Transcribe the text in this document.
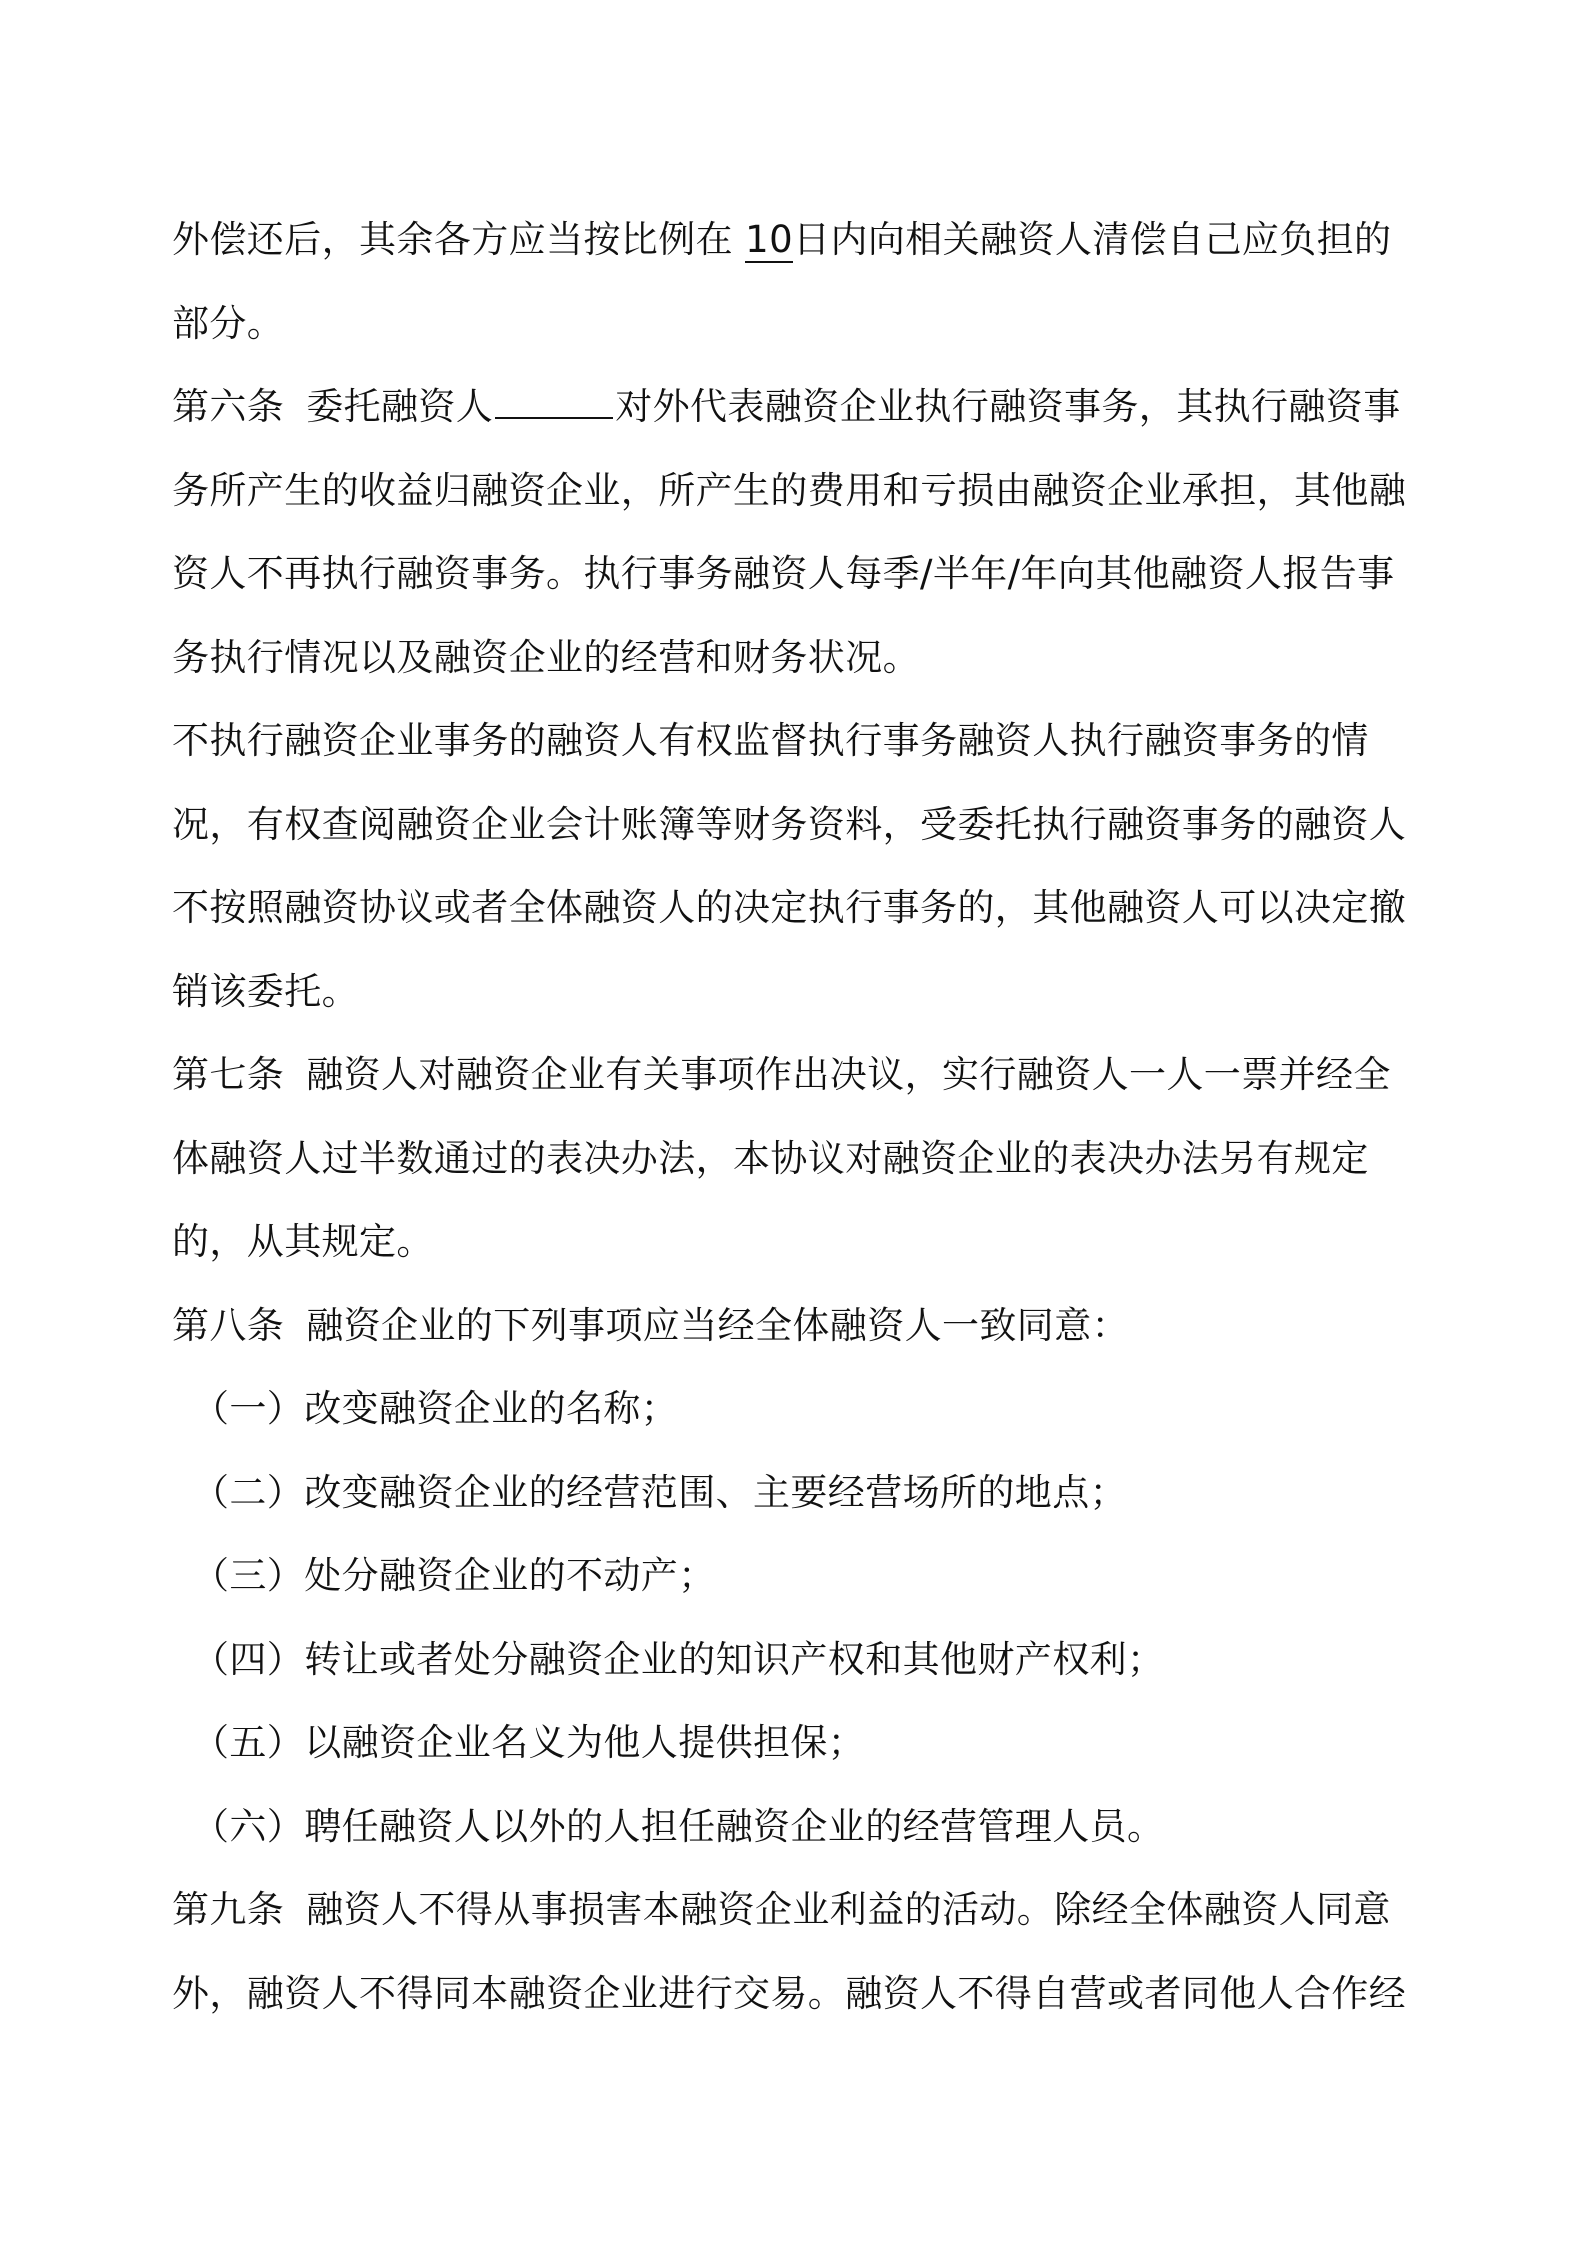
外偿还后，其余各方应当按比例在 10日内向相关融资人清偿自己应负担的
部分。
第六条 委托融资人	对外代表融资企业执行融资事务，其执行融资事
务所产生的收益归融资企业，所产生的费用和亏损由融资企业承担，其他融
资人不再执行融资事务。执行事务融资人每季/半年/年向其他融资人报告事
务执行情况以及融资企业的经营和财务状况。
不执行融资企业事务的融资人有权监督执行事务融资人执行融资事务的情
况，有权查阅融资企业会计账簿等财务资料，受委托执行融资事务的融资人
不按照融资协议或者全体融资人的决定执行事务的，其他融资人可以决定撤
销该委托。
第七条 融资人对融资企业有关事项作出决议，实行融资人一人一票并经全
体融资人过半数通过的表决办法，本协议对融资企业的表决办法另有规定
的，从其规定。
第八条 融资企业的下列事项应当经全体融资人一致同意：
（一）改变融资企业的名称；
（二）改变融资企业的经营范围、主要经营场所的地点；
（三）处分融资企业的不动产；
（四）转让或者处分融资企业的知识产权和其他财产权利；
（五）以融资企业名义为他人提供担保；
（六）聘任融资人以外的人担任融资企业的经营管理人员。
第九条 融资人不得从事损害本融资企业利益的活动。除经全体融资人同意
外，融资人不得同本融资企业进行交易。融资人不得自营或者同他人合作经
